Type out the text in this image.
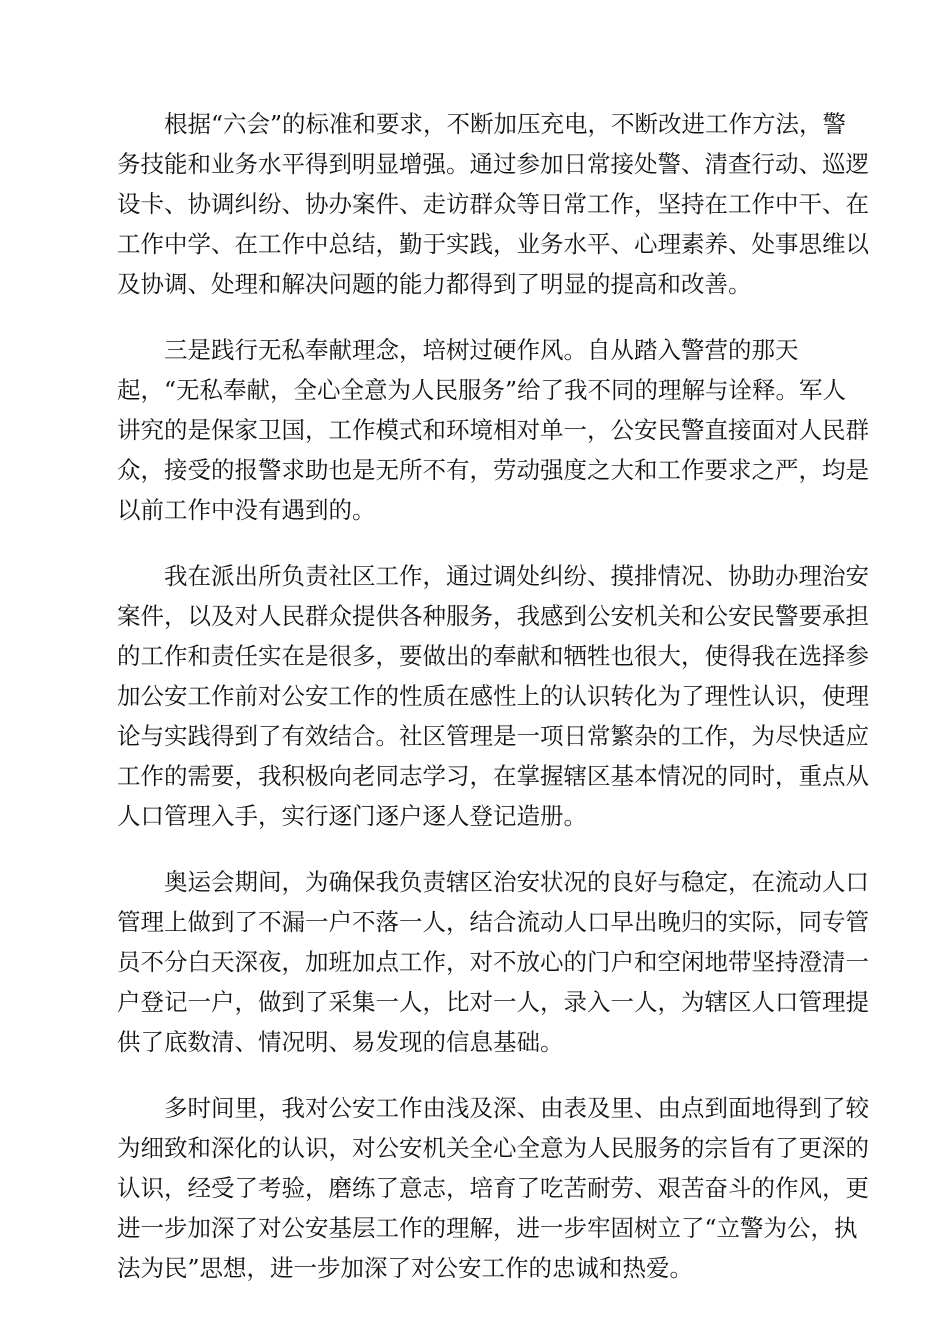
根据“六会”的标准和要求，不断加压充电，不断改进工作方法，警
务技能和业务水平得到明显增强。通过参加日常接处警、清查行动、巡逻
设卡、协调纠纷、协办案件、走访群众等日常工作，坚持在工作中干、在
工作中学、在工作中总结，勤于实践，业务水平、心理素养、处事思维以
及协调、处理和解决问题的能力都得到了明显的提高和改善。
三是践行无私奉献理念，培树过硬作风。自从踏入警营的那天
起，“无私奉献，全心全意为人民服务”给了我不同的理解与诠释。军人
讲究的是保家卫国，工作模式和环境相对单一，公安民警直接面对人民群
众，接受的报警求助也是无所不有，劳动强度之大和工作要求之严，均是
以前工作中没有遇到的。
我在派出所负责社区工作，通过调处纠纷、摸排情况、协助办理治安
案件，以及对人民群众提供各种服务，我感到公安机关和公安民警要承担
的工作和责任实在是很多，要做出的奉献和牺牲也很大，使得我在选择参
加公安工作前对公安工作的性质在感性上的认识转化为了理性认识，使理
论与实践得到了有效结合。社区管理是一项日常繁杂的工作，为尽快适应
工作的需要，我积极向老同志学习，在掌握辖区基本情况的同时，重点从
人口管理入手，实行逐门逐户逐人登记造册。
奥运会期间，为确保我负责辖区治安状况的良好与稳定，在流动人口
管理上做到了不漏一户不落一人，结合流动人口早出晚归的实际，同专管
员不分白天深夜，加班加点工作，对不放心的门户和空闲地带坚持澄清一
户登记一户，做到了采集一人，比对一人，录入一人，为辖区人口管理提
供了底数清、情况明、易发现的信息基础。
多时间里，我对公安工作由浅及深、由表及里、由点到面地得到了较
为细致和深化的认识，对公安机关全心全意为人民服务的宗旨有了更深的
认识，经受了考验，磨练了意志，培育了吃苦耐劳、艰苦奋斗的作风，更
进一步加深了对公安基层工作的理解，进一步牢固树立了“立警为公，执
法为民”思想，进一步加深了对公安工作的忠诚和热爱。
